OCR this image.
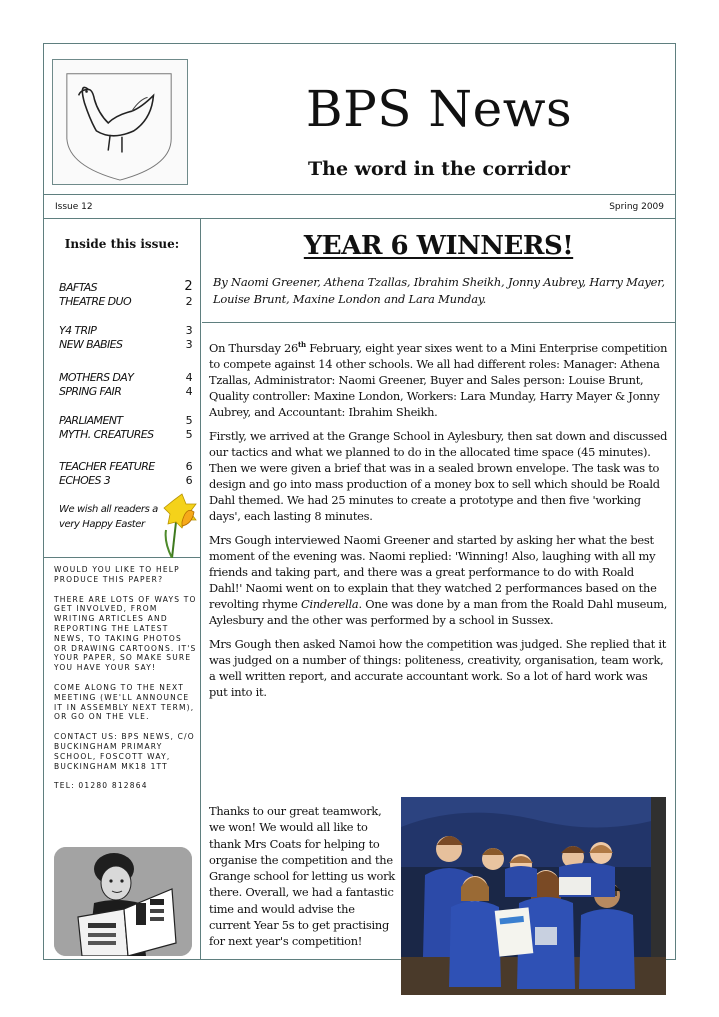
BPS News
The word in the corridor
Issue 12	Spring 2009
Inside this issue:
BAFTAS	2
THEATRE DUO	2
Y4 TRIP	3
NEW BABIES	3
MOTHERS DAY	4
SPRING FAIR	4
PARLIAMENT	5
MYTH. CREATURES	5
TEACHER FEATURE	6
ECHOES 3	6
We wish all readers a very Happy Easter

WOULD YOU LIKE TO HELP PRODUCE THIS PAPER?

THERE ARE LOTS OF WAYS TO GET INVOLVED, FROM WRITING ARTICLES AND REPORTING THE LATEST NEWS, TO TAKING PHOTOS OR DRAWING CARTOONS. IT'S YOUR PAPER, SO MAKE SURE YOU HAVE YOUR SAY!

COME ALONG TO THE NEXT MEETING (WE'LL ANNOUNCE IT IN ASSEMBLY NEXT TERM), OR GO ON THE VLE.

CONTACT US: BPS NEWS, C/O BUCKINGHAM PRIMARY SCHOOL, FOSCOTT WAY, BUCKINGHAM MK18 1TT

TEL: 01280 812864

YEAR 6 WINNERS!
By Naomi Greener, Athena Tzallas, Ibrahim Sheikh, Jonny Aubrey, Harry Mayer, Louise Brunt, Maxine London and Lara Munday.

On Thursday 26th February, eight year sixes went to a Mini Enterprise competition to compete against 14 other schools. We all had different roles: Manager: Athena Tzallas, Administrator: Naomi Greener, Buyer and Sales person: Louise Brunt, Quality controller: Maxine London, Workers: Lara Munday, Harry Mayer & Jonny Aubrey, and Accountant: Ibrahim Sheikh.

Firstly, we arrived at the Grange School in Aylesbury, then sat down and discussed our tactics and what we planned to do in the allocated time space (45 minutes). Then we were given a brief that was in a sealed brown envelope. The task was to design and go into mass production of a money box to sell which should be Roald Dahl themed. We had 25 minutes to create a prototype and then five 'working days', each lasting 8 minutes.

Mrs Gough interviewed Naomi Greener and started by asking her what the best moment of the evening was. Naomi replied: 'Winning! Also, laughing with all my friends and taking part, and there was a great performance to do with Roald Dahl!' Naomi went on to explain that they watched 2 performances based on the revolting rhyme Cinderella. One was done by a man from the Roald Dahl museum, Aylesbury and the other was performed by a school in Sussex.

Mrs Gough then asked Namoi how the competition was judged. She replied that it was judged on a number of things: politeness, creativity, organisation, team work, a well written report, and accurate accountant work. So a lot of hard work was put into it.

Thanks to our great teamwork, we won! We would all like to thank Mrs Coats for helping to organise the competition and the Grange school for letting us work there. Overall, we had a fantastic time and would advise the current Year 5s to get practising for next year's competition!
